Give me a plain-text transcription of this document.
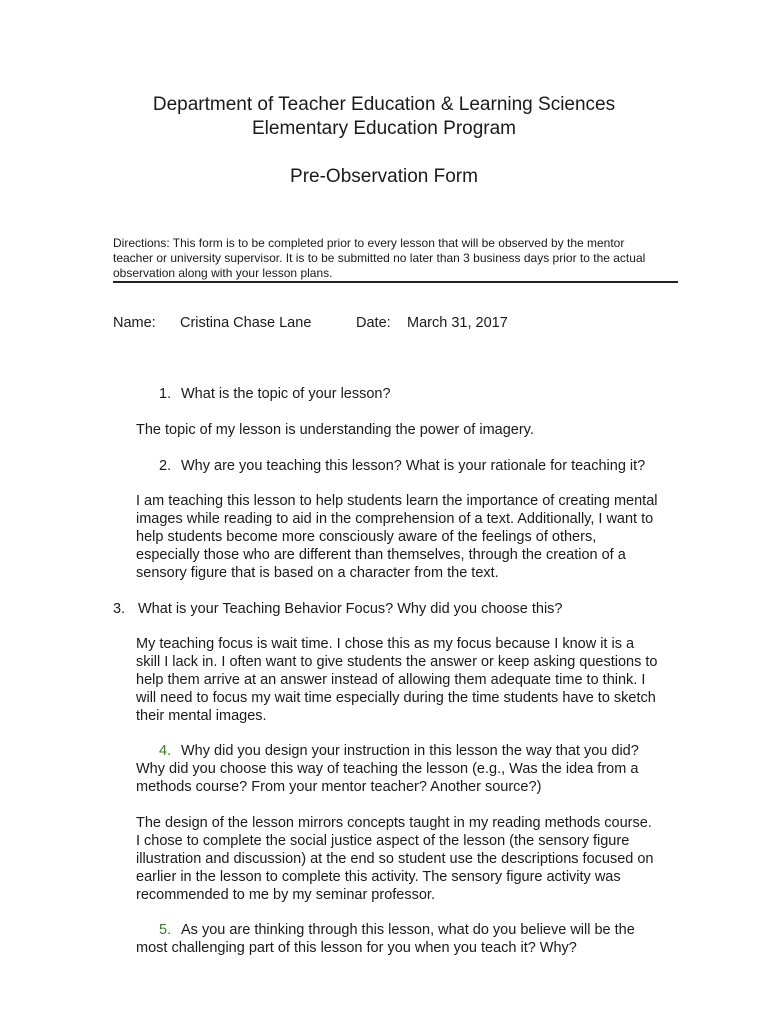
Department of Teacher Education & Learning Sciences
Elementary Education Program
Pre-Observation Form
Directions: This form is to be completed prior to every lesson that will be observed by the mentor
teacher or university supervisor. It is to be submitted no later than 3 business days prior to the actual
observation along with your lesson plans.
Name: Cristina Chase Lane	Date: March 31, 2017
1. What is the topic of your lesson?
The topic of my lesson is understanding the power of imagery.
2. Why are you teaching this lesson? What is your rationale for teaching it?
I am teaching this lesson to help students learn the importance of creating mental
images while reading to aid in the comprehension of a text. Additionally, I want to
help students become more consciously aware of the feelings of others,
especially those who are different than themselves, through the creation of a
sensory figure that is based on a character from the text.
3. What is your Teaching Behavior Focus? Why did you choose this?
My teaching focus is wait time. I chose this as my focus because I know it is a
skill I lack in. I often want to give students the answer or keep asking questions to
help them arrive at an answer instead of allowing them adequate time to think. I
will need to focus my wait time especially during the time students have to sketch
their mental images.
4. Why did you design your instruction in this lesson the way that you did?
Why did you choose this way of teaching the lesson (e.g., Was the idea from a
methods course? From your mentor teacher? Another source?)
The design of the lesson mirrors concepts taught in my reading methods course.
I chose to complete the social justice aspect of the lesson (the sensory figure
illustration and discussion) at the end so student use the descriptions focused on
earlier in the lesson to complete this activity. The sensory figure activity was
recommended to me by my seminar professor.
5. As you are thinking through this lesson, what do you believe will be the
most challenging part of this lesson for you when you teach it? Why?
